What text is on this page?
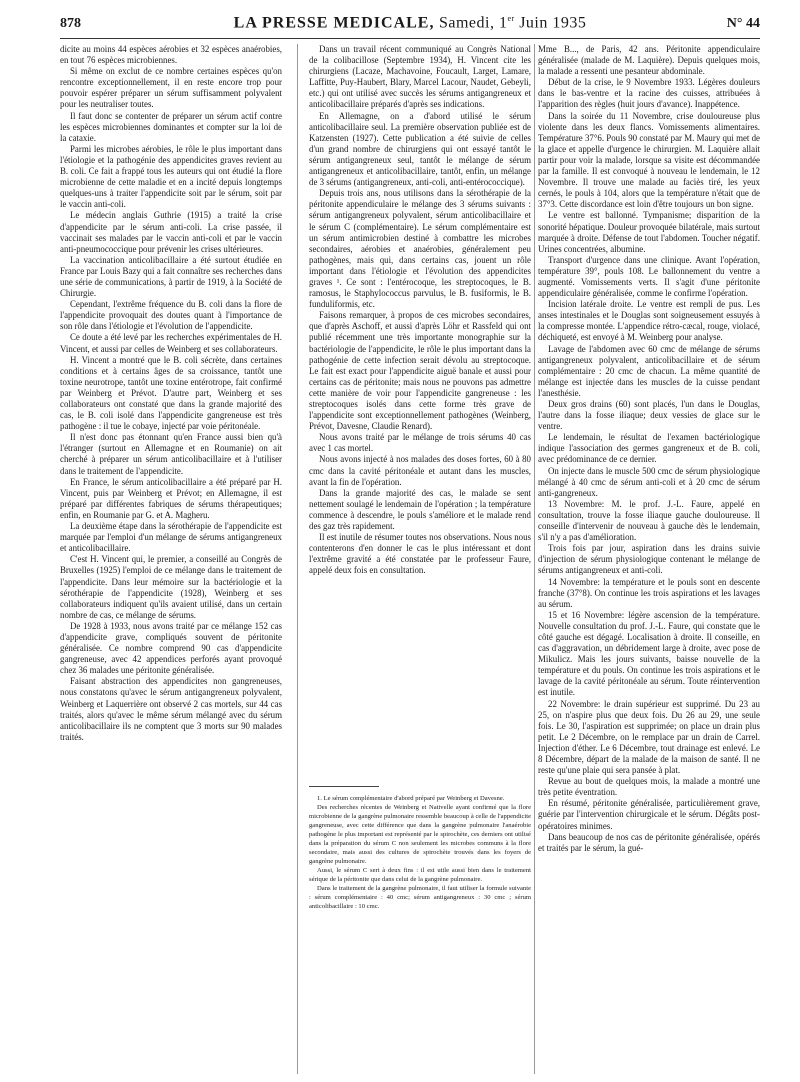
878	LA PRESSE MEDICALE, Samedi, 1er Juin 1935	N° 44

dicite au moins 44 espèces aérobies et 32 espèces anaérobies, en tout 76 espèces microbiennes.

Si même on exclut de ce nombre certaines espèces qu'on rencontre exceptionnellement, il en reste encore trop pour pouvoir espérer préparer un sérum suffisamment polyvalent pour les neutraliser toutes.

Il faut donc se contenter de préparer un sérum actif contre les espèces microbiennes dominantes et compter sur la loi de la cataxie.

Parmi les microbes aérobies, le rôle le plus important dans l'étiologie et la pathogénie des appendicites graves revient au B. coli. Ce fait a frappé tous les auteurs qui ont étudié la flore microbienne de cette maladie et en a incité depuis longtemps quelques-uns à traiter l'appendicite soit par le sérum, soit par le vaccin anti-coli.

Le médecin anglais Guthrie (1915) a traité la crise d'appendicite par le sérum anti-coli. La crise passée, il vaccinait ses malades par le vaccin anti-coli et par le vaccin anti-pneumococcique pour prévenir les crises ultérieures.

La vaccination anticolibacillaire a été surtout étudiée en France par Louis Bazy qui a fait connaître ses recherches dans une série de communications, à partir de 1919, à la Société de Chirurgie.

Cependant, l'extrême fréquence du B. coli dans la flore de l'appendicite provoquait des doutes quant à l'importance de son rôle dans l'étiologie et l'évolution de l'appendicite.

Ce doute a été levé par les recherches expérimentales de H. Vincent, et aussi par celles de Weinberg et ses collaborateurs.

H. Vincent a montré que le B. coli sécrète, dans certaines conditions et à certains âges de sa croissance, tantôt une toxine neurotrope, tantôt une toxine entérotrope, fait confirmé par Weinberg et Prévot. D'autre part, Weinberg et ses collaborateurs ont constaté que dans la grande majorité des cas, le B. coli isolé dans l'appendicite gangreneuse est très pathogène : il tue le cobaye, injecté par voie péritonéale.

Il n'est donc pas étonnant qu'en France aussi bien qu'à l'étranger (surtout en Allemagne et en Roumanie) on ait cherché à préparer un sérum anticolibacillaire et à l'utiliser dans le traitement de l'appendicite.

En France, le sérum anticolibacillaire a été préparé par H. Vincent, puis par Weinberg et Prévot; en Allemagne, il est préparé par différentes fabriques de sérums thérapeutiques; enfin, en Roumanie par G. et A. Magheru.

La deuxième étape dans la sérothérapie de l'appendicite est marquée par l'emploi d'un mélange de sérums antigangreneux et anticolibacillaire.

C'est H. Vincent qui, le premier, a conseillé au Congrès de Bruxelles (1925) l'emploi de ce mélange dans le traitement de l'appendicite. Dans leur mémoire sur la bactériologie et la sérothérapie de l'appendicite (1928), Weinberg et ses collaborateurs indiquent qu'ils avaient utilisé, dans un certain nombre de cas, ce mélange de sérums.

De 1928 à 1933, nous avons traité par ce mélange 152 cas d'appendicite grave, compliqués souvent de péritonite généralisée. Ce nombre comprend 90 cas d'appendicite gangreneuse, avec 42 appendices perforés ayant provoqué chez 36 malades une péritonite généralisée.

Faisant abstraction des appendicites non gangreneuses, nous constatons qu'avec le sérum antigangreneux polyvalent, Weinberg et Laquerrière ont observé 2 cas mortels, sur 44 cas traités, alors qu'avec le même sérum mélangé avec du sérum anticolibacillaire ils ne comptent que 3 morts sur 90 malades traités.

Dans un travail récent communiqué au Congrès National de la colibacillose (Septembre 1934), H. Vincent cite les chirurgiens (Lacaze, Machavoine, Foucault, Larget, Lamare, Laffitte, Puy-Haubert, Blary, Marcel Lacour, Naudet, Gebeyli, etc.) qui ont utilisé avec succès les sérums antigangreneux et anticolibacillaire préparés d'après ses indications.

En Allemagne, on a d'abord utilisé le sérum anticolibacillaire seul. La première observation publiée est de Katzensten (1927). Cette publication a été suivie de celles d'un grand nombre de chirurgiens qui ont essayé tantôt le sérum antigangreneux seul, tantôt le mélange de sérum antigangreneux et anticolibacillaire, tantôt, enfin, un mélange de 3 sérums (antigangreneux, anti-coli, anti-entérococcique).

Depuis trois ans, nous utilisons dans la sérothérapie de la péritonite appendiculaire le mélange des 3 sérums suivants : sérum antigangreneux polyvalent, sérum anticolibacillaire et le sérum C (complémentaire). Le sérum complémentaire est un sérum antimicrobien destiné à combattre les microbes secondaires, aérobies et anaérobies, généralement peu pathogènes, mais qui, dans certains cas, jouent un rôle important dans l'étiologie et l'évolution des appendicites graves ¹. Ce sont : l'entérocoque, les streptocoques, le B. ramosus, le Staphylococcus parvulus, le B. fusiformis, le B. funduliformis, etc.

Faisons remarquer, à propos de ces microbes secondaires, que d'après Aschoff, et aussi d'après Löhr et Rassfeld qui ont publié récemment une très importante monographie sur la bactériologie de l'appendicite, le rôle le plus important dans la pathogénie de cette infection serait dévolu au streptocoque. Le fait est exact pour l'appendicite aiguë banale et aussi pour certains cas de péritonite; mais nous ne pouvons pas admettre cette manière de voir pour l'appendicite gangreneuse : les streptocoques isolés dans cette forme très grave de l'appendicite sont exceptionnellement pathogènes (Weinberg, Prévot, Davesne, Claudie Renard).

Nous avons traité par le mélange de trois sérums 40 cas avec 1 cas mortel.

Nous avons injecté à nos malades des doses fortes, 60 à 80 cmc dans la cavité péritonéale et autant dans les muscles, avant la fin de l'opération.

Dans la grande majorité des cas, le malade se sent nettement soulagé le lendemain de l'opération ; la température commence à descendre, le pouls s'améliore et le malade rend des gaz très rapidement.

Il est inutile de résumer toutes nos observations. Nous nous contenterons d'en donner le cas le plus intéressant et dont l'extrême gravité a été constatée par le professeur Faure, appelé deux fois en consultation.

1. Le sérum complémentaire d'abord préparé par Weinberg et Davesne.

Des recherches récentes de Weinberg et Nativelle ayant confirmé que la flore microbienne de la gangrène pulmonaire ressemble beaucoup à celle de l'appendicite gangreneuse, avec cette différence que dans la gangrène pulmonaire l'anaérobie pathogène le plus important est représenté par le spirochète, ces derniers ont utilisé dans la préparation du sérum C non seulement les microbes communs à la flore secondaire, mais aussi des cultures de spirochète trouvés dans les foyers de gangrène pulmonaire.

Aussi, le sérum C sert à deux fins : il est utile aussi bien dans le traitement sérique de la péritonite que dans celui de la gangrène pulmonaire.

Dans le traitement de la gangrène pulmonaire, il faut utiliser la formule suivante : sérum complémentaire : 40 cmc; sérum antigangreneux : 30 cmc ; sérum anticolibacillaire : 10 cmc.

Mme B..., de Paris, 42 ans. Péritonite appendiculaire généralisée (malade de M. Laquière). Depuis quelques mois, la malade a ressenti une pesanteur abdominale.

Début de la crise, le 9 Novembre 1933. Légères douleurs dans le bas-ventre et la racine des cuisses, attribuées à l'apparition des règles (huit jours d'avance). Inappétence.

Dans la soirée du 11 Novembre, crise douloureuse plus violente dans les deux flancs. Vomissements alimentaires. Température 37°6. Pouls 90 constaté par M. Maury qui met de la glace et appelle d'urgence le chirurgien. M. Laquière allait partir pour voir la malade, lorsque sa visite est décommandée par la famille. Il est convoqué à nouveau le lendemain, le 12 Novembre. Il trouve une malade au faciès tiré, les yeux cernés, le pouls à 104, alors que la température n'était que de 37°3. Cette discordance est loin d'être toujours un bon signe.

Le ventre est ballonné. Tympanisme; disparition de la sonorité hépatique. Douleur provoquée bilatérale, mais surtout marquée à droite. Défense de tout l'abdomen. Toucher négatif. Urines concentrées, albumine.

Transport d'urgence dans une clinique. Avant l'opération, température 39°, pouls 108. Le ballonnement du ventre a augmenté. Vomissements verts. Il s'agit d'une péritonite appendiculaire généralisée, comme le confirme l'opération.

Incision latérale droite. Le ventre est rempli de pus. Les anses intestinales et le Douglas sont soigneusement essuyés à la compresse montée. L'appendice rétro-cæcal, rouge, violacé, déchiqueté, est envoyé à M. Weinberg pour analyse.

Lavage de l'abdomen avec 60 cmc de mélange de sérums antigangreneux polyvalent, anticolibacillaire et de sérum complémentaire : 20 cmc de chacun. La même quantité de mélange est injectée dans les muscles de la cuisse pendant l'anesthésie.

Deux gros drains (60) sont placés, l'un dans le Douglas, l'autre dans la fosse iliaque; deux vessies de glace sur le ventre.

Le lendemain, le résultat de l'examen bactériologique indique l'association des germes gangreneux et de B. coli, avec prédominance de ce dernier.

On injecte dans le muscle 500 cmc de sérum physiologique mélangé à 40 cmc de sérum anti-coli et à 20 cmc de sérum anti-gangreneux.

13 Novembre: M. le prof. J.-L. Faure, appelé en consultation, trouve la fosse iliaque gauche douloureuse. Il conseille d'intervenir de nouveau à gauche dès le lendemain, s'il n'y a pas d'amélioration.

Trois fois par jour, aspiration dans les drains suivie d'injection de sérum physiologique contenant le mélange de sérums antigangreneux et anti-coli.

14 Novembre: la température et le pouls sont en descente franche (37°8). On continue les trois aspirations et les lavages au sérum.

15 et 16 Novembre: légère ascension de la température. Nouvelle consultation du prof. J.-L. Faure, qui constate que le côté gauche est dégagé. Localisation à droite. Il conseille, en cas d'aggravation, un débridement large à droite, avec pose de Mikulicz. Mais les jours suivants, baisse nouvelle de la température et du pouls. On continue les trois aspirations et le lavage de la cavité péritonéale au sérum. Toute réintervention est inutile.

22 Novembre: le drain supérieur est supprimé. Du 23 au 25, on n'aspire plus que deux fois. Du 26 au 29, une seule fois. Le 30, l'aspiration est supprimée; on place un drain plus petit. Le 2 Décembre, on le remplace par un drain de Carrel. Injection d'éther. Le 6 Décembre, tout drainage est enlevé. Le 8 Décembre, départ de la malade de la maison de santé. Il ne reste qu'une plaie qui sera pansée à plat.

Revue au bout de quelques mois, la malade a montré une très petite éventration.

En résumé, péritonite généralisée, particulièrement grave, guérie par l'intervention chirurgicale et le sérum. Dégâts post-opératoires minimes.

Dans beaucoup de nos cas de péritonite généralisée, opérés et traités par le sérum, la gué-
